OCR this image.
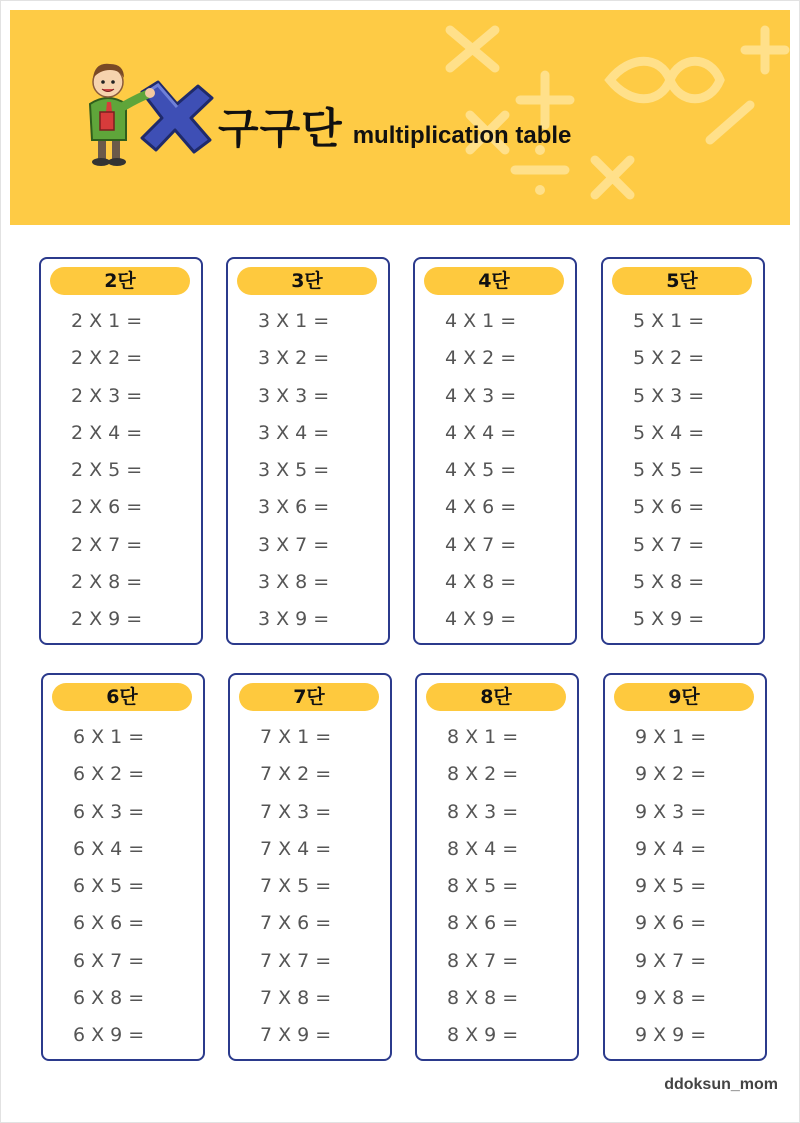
구구단 multiplication table
2단
2 X 1 =
2 X 2 =
2 X 3 =
2 X 4 =
2 X 5 =
2 X 6 =
2 X 7 =
2 X 8 =
2 X 9 =
3단
3 X 1 =
3 X 2 =
3 X 3 =
3 X 4 =
3 X 5 =
3 X 6 =
3 X 7 =
3 X 8 =
3 X 9 =
4단
4 X 1 =
4 X 2 =
4 X 3 =
4 X 4 =
4 X 5 =
4 X 6 =
4 X 7 =
4 X 8 =
4 X 9 =
5단
5 X 1 =
5 X 2 =
5 X 3 =
5 X 4 =
5 X 5 =
5 X 6 =
5 X 7 =
5 X 8 =
5 X 9 =
6단
6 X 1 =
6 X 2 =
6 X 3 =
6 X 4 =
6 X 5 =
6 X 6 =
6 X 7 =
6 X 8 =
6 X 9 =
7단
7 X 1 =
7 X 2 =
7 X 3 =
7 X 4 =
7 X 5 =
7 X 6 =
7 X 7 =
7 X 8 =
7 X 9 =
8단
8 X 1 =
8 X 2 =
8 X 3 =
8 X 4 =
8 X 5 =
8 X 6 =
8 X 7 =
8 X 8 =
8 X 9 =
9단
9 X 1 =
9 X 2 =
9 X 3 =
9 X 4 =
9 X 5 =
9 X 6 =
9 X 7 =
9 X 8 =
9 X 9 =
ddoksun_mom
